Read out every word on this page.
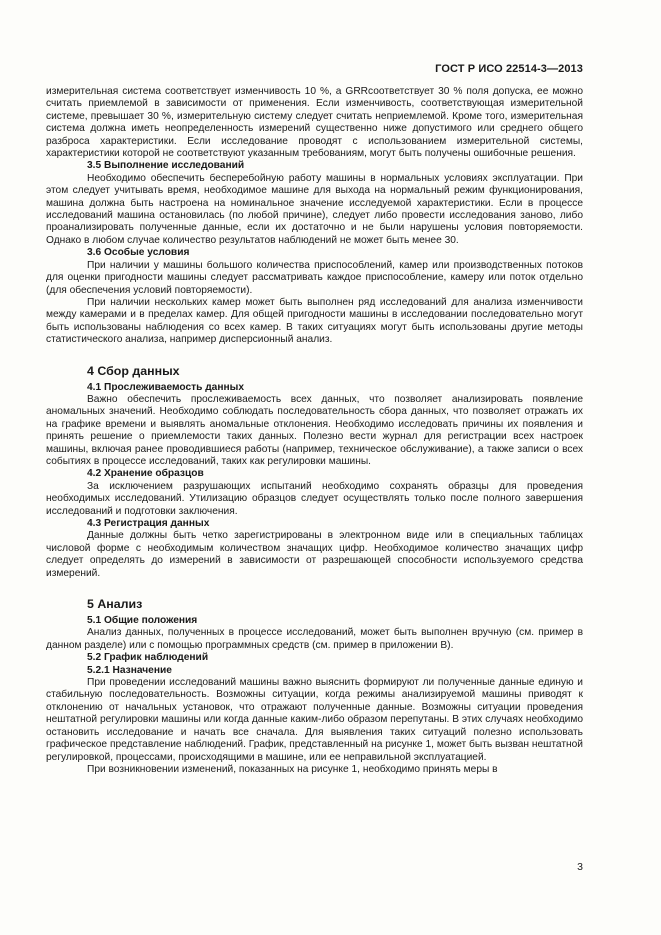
ГОСТ Р ИСО 22514-3—2013

измерительная система соответствует изменчивость 10 %, а GRRсоответствует 30 % поля допуска, ее можно считать приемлемой в зависимости от применения. Если изменчивость, соответствующая измерительной системе, превышает 30 %, измерительную систему следует считать неприемлемой. Кроме того, измерительная система должна иметь неопределенность измерений существенно ниже допустимого или среднего общего разброса характеристики. Если исследование проводят с использованием измерительной системы, характеристики которой не соответствуют указанным требованиям, могут быть получены ошибочные решения.

3.5 Выполнение исследований

Необходимо обеспечить бесперебойную работу машины в нормальных условиях эксплуатации. При этом следует учитывать время, необходимое машине для выхода на нормальный режим функционирования, машина должна быть настроена на номинальное значение исследуемой характеристики. Если в процессе исследований машина остановилась (по любой причине), следует либо провести исследования заново, либо проанализировать полученные данные, если их достаточно и не были нарушены условия повторяемости. Однако в любом случае количество результатов наблюдений не может быть менее 30.

3.6 Особые условия

При наличии у машины большого количества приспособлений, камер или производственных потоков для оценки пригодности машины следует рассматривать каждое приспособление, камеру или поток отдельно (для обеспечения условий повторяемости).

При наличии нескольких камер может быть выполнен ряд исследований для анализа изменчивости между камерами и в пределах камер. Для общей пригодности машины в исследовании последовательно могут быть использованы наблюдения со всех камер. В таких ситуациях могут быть использованы другие методы статистического анализа, например дисперсионный анализ.

4 Сбор данных
4.1 Прослеживаемость данных

Важно обеспечить прослеживаемость всех данных, что позволяет анализировать появление аномальных значений. Необходимо соблюдать последовательность сбора данных, что позволяет отражать их на графике времени и выявлять аномальные отклонения. Необходимо исследовать причины их появления и принять решение о приемлемости таких данных. Полезно вести журнал для регистрации всех настроек машины, включая ранее проводившиеся работы (например, техническое обслуживание), а также записи о всех событиях в процессе исследований, таких как регулировки машины.

4.2 Хранение образцов

За исключением разрушающих испытаний необходимо сохранять образцы для проведения необходимых исследований. Утилизацию образцов следует осуществлять только после полного завершения исследований и подготовки заключения.

4.3 Регистрация данных

Данные должны быть четко зарегистрированы в электронном виде или в специальных таблицах числовой форме с необходимым количеством значащих цифр. Необходимое количество значащих цифр следует определять до измерений в зависимости от разрешающей способности используемого средства измерений.

5 Анализ
5.1 Общие положения

Анализ данных, полученных в процессе исследований, может быть выполнен вручную (см. пример в данном разделе) или с помощью программных средств (см. пример в приложении В).

5.2 График наблюдений
5.2.1 Назначение

При проведении исследований машины важно выяснить формируют ли полученные данные единую и стабильную последовательность. Возможны ситуации, когда режимы анализируемой машины приводят к отклонению от начальных установок, что отражают полученные данные. Возможны ситуации проведения нештатной регулировки машины или когда данные каким-либо образом перепутаны. В этих случаях необходимо остановить исследование и начать все сначала. Для выявления таких ситуаций полезно использовать графическое представление наблюдений. График, представленный на рисунке 1, может быть вызван нештатной регулировкой, процессами, происходящими в машине, или ее неправильной эксплуатацией.

При возникновении изменений, показанных на рисунке 1, необходимо принять меры в

3
